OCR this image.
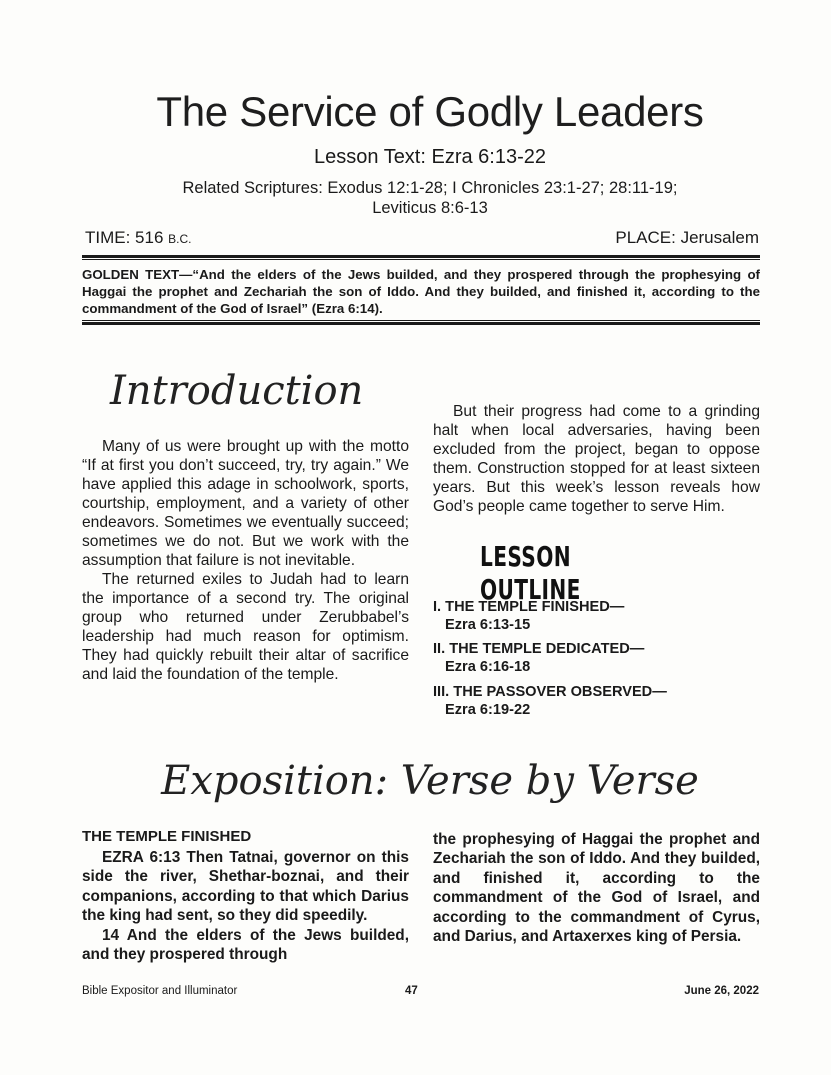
The Service of Godly Leaders
Lesson Text: Ezra 6:13-22
Related Scriptures: Exodus 12:1-28; I Chronicles 23:1-27; 28:11-19;
Leviticus 8:6-13
TIME: 516 B.C.	PLACE: Jerusalem
GOLDEN TEXT—“And the elders of the Jews builded, and they prospered through the prophesying of Haggai the prophet and Zechariah the son of Iddo. And they builded, and finished it, according to the commandment of the God of Israel” (Ezra 6:14).
Introduction

Many of us were brought up with the motto “If at first you don’t succeed, try, try again.” We have applied this adage in schoolwork, sports, courtship, employment, and a variety of other endeavors. Sometimes we eventually succeed; sometimes we do not. But we work with the assumption that failure is not inevitable.

The returned exiles to Judah had to learn the importance of a second try. The original group who returned under Zerubbabel’s leadership had much reason for optimism. They had quickly rebuilt their altar of sacrifice and laid the foundation of the temple.

But their progress had come to a grinding halt when local adversaries, having been excluded from the project, began to oppose them. Construction stopped for at least sixteen years. But this week’s lesson reveals how God’s people came together to serve Him.

LESSON OUTLINE
I. THE TEMPLE FINISHED—
Ezra 6:13-15
II. THE TEMPLE DEDICATED—
Ezra 6:16-18
III. THE PASSOVER OBSERVED—
Ezra 6:19-22
Exposition: Verse by Verse
THE TEMPLE FINISHED

EZRA 6:13 Then Tatnai, governor on this side the river, Shethar-boznai, and their companions, according to that which Darius the king had sent, so they did speedily.

14 And the elders of the Jews builded, and they prospered through

the prophesying of Haggai the prophet and Zechariah the son of Iddo. And they builded, and finished it, according to the commandment of the God of Israel, and according to the commandment of Cyrus, and Darius, and Artaxerxes king of Persia.

Bible Expositor and Illuminator	47	June 26, 2022
